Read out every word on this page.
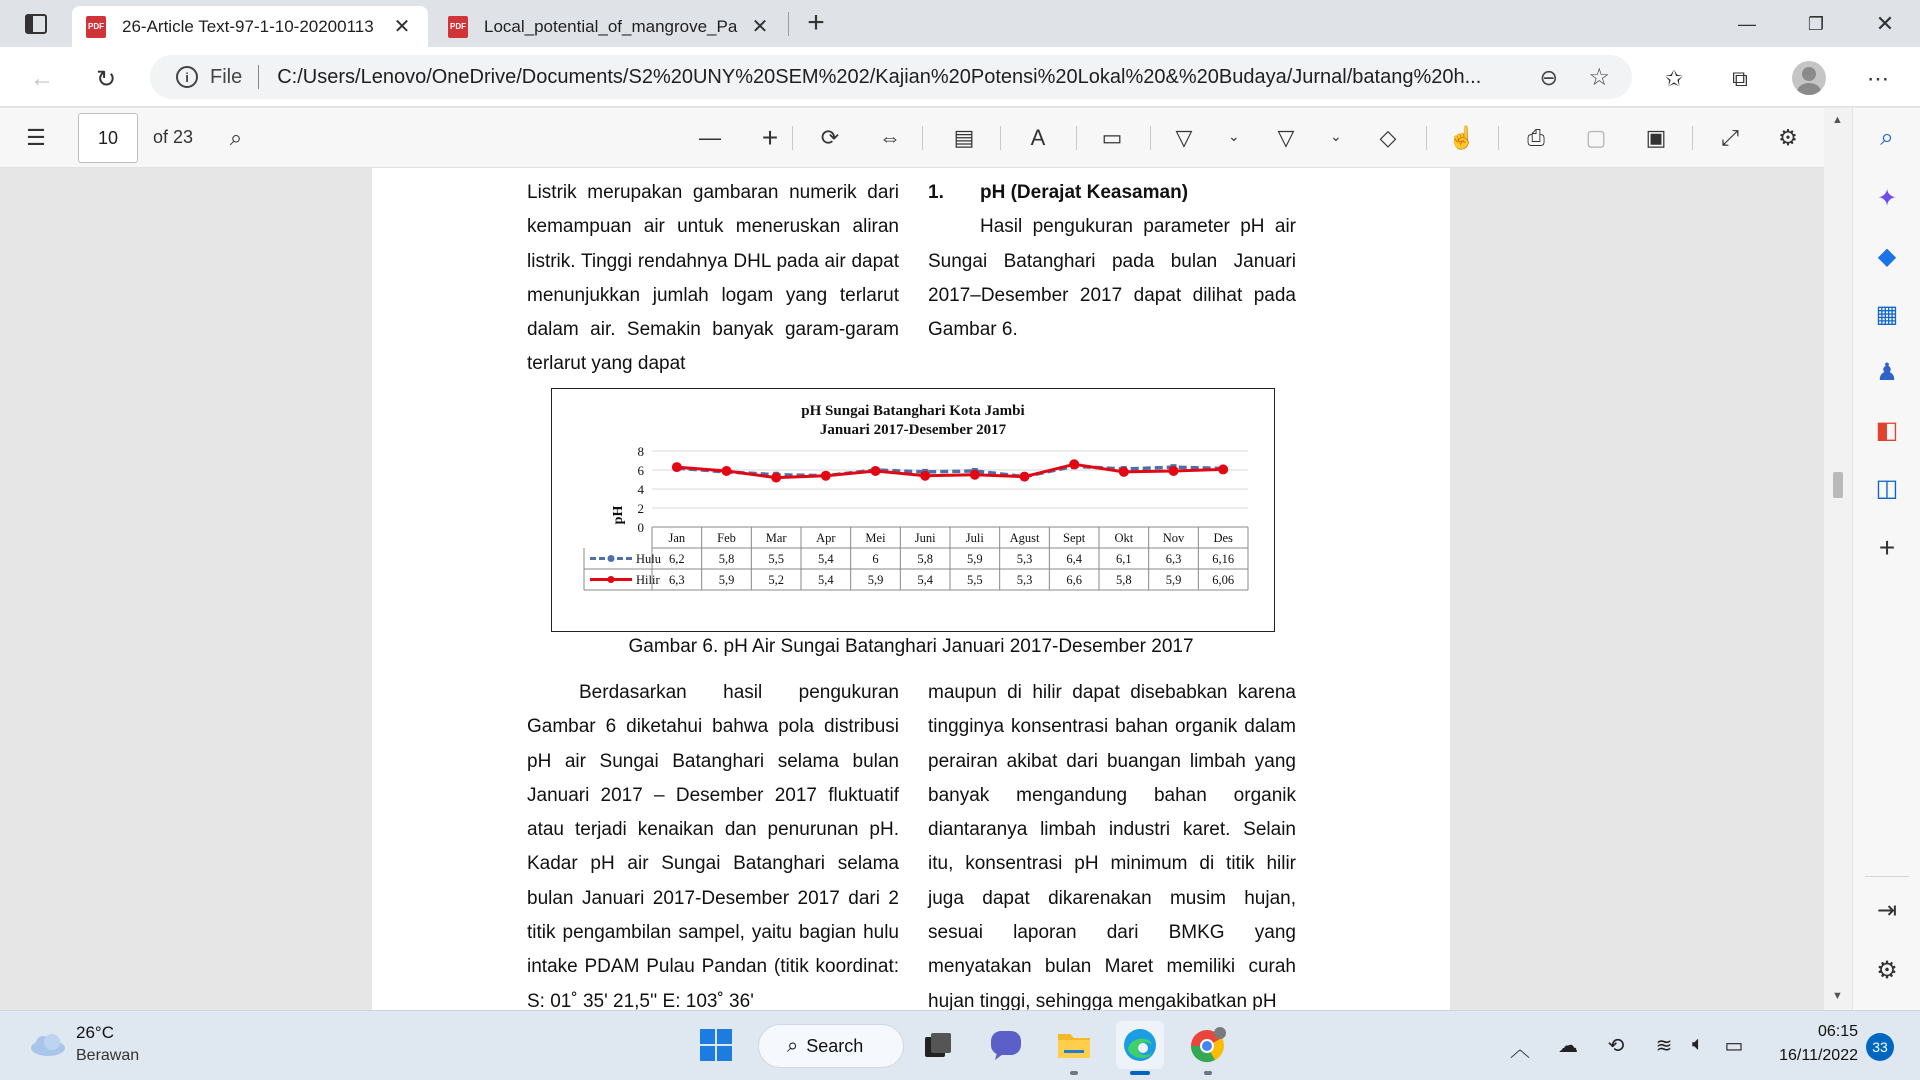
PDF 26-Article Text-97-1-10-20200113 ✕	PDF Local_potential_of_mangrove_Pa ✕ +	—	❐	✕
←	↻	i	File C:/Users/Lenovo/OneDrive/Documents/S2%20UNY%20SEM%202/Kajian%20Potensi%20Lokal%20&%20Budaya/Jurnal/batang%20h...	⊖ ☆	✩	⧉	⋯
☰	10	of 23	⌕	—	+	⟳	⇔	▤	A	▭	▽	⌄	▽	⌄	◇	☝	⎙	▢	▣	⤢	⚙

Listrik merupakan gambaran numerik dari kemampuan air untuk meneruskan aliran listrik. Tinggi rendahnya DHL pada air dapat menunjukkan jumlah logam yang terlarut dalam air. Semakin banyak garam-garam terlarut yang dapat

1. pH (Derajat Keasaman)

Hasil pengukuran parameter pH air Sungai Batanghari pada bulan Januari 2017–Desember 2017 dapat dilihat pada Gambar 6.

pH Sungai Batanghari Kota Jambi
Januari 2017-Desember 2017
pH
0
2
4
6
8
Jan	Feb Mar Apr Mei Juni Juli Agust Sept Okt Nov Des
Hulu 6,2	5,8	5,5	5,4	6	5,8	5,9	5,3	6,4	6,1	6,3 6,16
Hilir 6,3	5,9	5,2	5,4	5,9	5,4	5,5	5,3	6,6	5,8	5,9 6,06
Gambar 6. pH Air Sungai Batanghari Januari 2017-Desember 2017

Berdasarkan hasil pengukuran Gambar 6 diketahui bahwa pola distribusi pH air Sungai Batanghari selama bulan Januari 2017 – Desember 2017 fluktuatif atau terjadi kenaikan dan penurunan pH. Kadar pH air Sungai Batanghari selama bulan Januari 2017-Desember 2017 dari 2 titik pengambilan sampel, yaitu bagian hulu intake PDAM Pulau Pandan (titik koordinat: S: 01˚ 35' 21,5'' E: 103˚ 36'

maupun di hilir dapat disebabkan karena tingginya konsentrasi bahan organik dalam perairan akibat dari buangan limbah yang banyak mengandung bahan organik diantaranya limbah industri karet. Selain itu, konsentrasi pH minimum di titik hilir juga dapat dikarenakan musim hujan, sesuai laporan dari BMKG yang menyatakan bulan Maret memiliki curah hujan tinggi, sehingga mengakibatkan pH

▲
▼
⌕
✦
◆
▦
♟
◧
◫
+
⇥
⚙
26°C
Berawan	⌕ Search	︿ ☁ ⟲ ≋ 🔈︎	▭
06:15
16/11/2022	33
